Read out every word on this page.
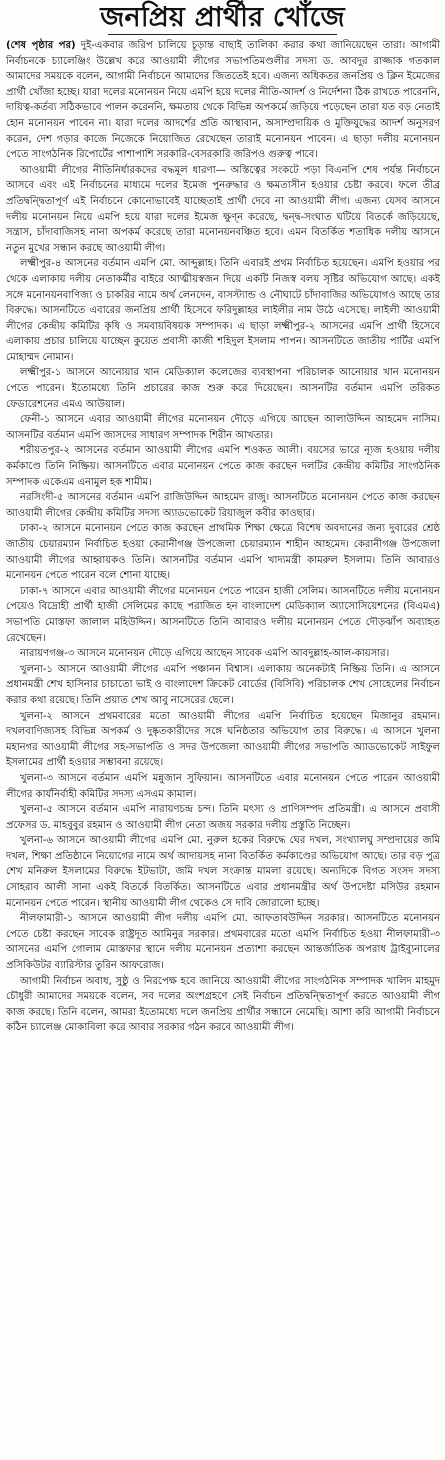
জনপ্রিয় প্রার্থীর খোঁজে

(শেষ পৃষ্ঠার পর) দুই-একবার জরিপ চালিয়ে চূড়ান্ত বাছাই তালিকা করার কথা জানিয়েছেন তারা। আগামী নির্বাচনকে চ্যালেঞ্জিং উল্লেখ করে আওয়ামী লীগের সভাপতিমণ্ডলীর সদস্য ড. আবদুর রাজ্জাক গতকাল আমাদের সময়কে বলেন, আগামী নির্বাচনে আমাদের জিততেই হবে। এজন্য অধিকতর জনপ্রিয় ও ক্লিন ইমেজের প্রার্থী খোঁজা হচ্ছে। যারা দলের মনোনয়ন নিয়ে এমপি হয়ে দলের নীতি-আদর্শ ও নির্দেশনা ঠিক রাখতে পারেননি, দায়িত্ব-কর্তব্য সঠিকভাবে পালন করেননি, ক্ষমতায় থেকে বিভিন্ন অপকর্মে জড়িয়ে পড়েছেন তারা যত বড় নেতাই হোন মনোনয়ন পাবেন না। যারা দলের আদর্শের প্রতি আস্থাবান, অসাম্প্রদায়িক ও মুক্তিযুদ্ধের আদর্শ অনুসরণ করেন, দেশ গড়ার কাজে নিজেকে নিয়োজিত রেখেছেন তারাই মনোনয়ন পাবেন। এ ছাড়া দলীয় মনোনয়ন পেতে সাংগঠনিক রিপোর্টের পাশাপাশি সরকারি-বেসরকারি জরিপও গুরুত্ব পাবে।

আওয়ামী লীগের নীতিনির্ধারকদের বদ্ধমূল ধারণা— অস্তিত্বের সংকটে পড়া বিএনপি শেষ পর্যন্ত নির্বাচনে আসবে এবং এই নির্বাচনের মাধ্যমে দলের ইমেজ পুনরুদ্ধার ও ক্ষমতাসীন হওয়ার চেষ্টা করবে। ফলে তীব্র প্রতিদ্বন্দ্বিতাপূর্ণ এই নির্বাচনে কোনোভাবেই যাচ্ছেতাই প্রার্থী দেবে না আওয়ামী লীগ। এজন্য যেসব আসনে দলীয় মনোনয়ন নিয়ে এমপি হয়ে যারা দলের ইমেজ ক্ষুণ্ন করেছে, দ্বন্দ্ব-সংঘাত ঘটিয়ে বিতর্কে জড়িয়েছে, সন্ত্রাস, চাঁদাবাজিসহ নানা অপকর্ম করেছে তারা মনোনয়নবঞ্চিত হবে। এমন বিতর্কিত শতাধিক দলীয় আসনে নতুন মুখের সন্ধান করছে আওয়ামী লীগ।

লক্ষ্মীপুর-৪ আসনের বর্তমান এমপি মো. আব্দুল্লাহ। তিনি এবারই প্রথম নির্বাচিত হয়েছেন। এমপি হওয়ার পর থেকে এলাকায় দলীয় নেতাকর্মীর বাইরে আত্মীয়স্বজন দিয়ে একটি নিজস্ব বলয় সৃষ্টির অভিযোগ আছে। একই সঙ্গে মনোনয়নবাণিজ্য ও চাকরির নামে অর্থ লেনদেন, বাসস্ট্যান্ড ও নৌঘাটে চাঁদাবাজির অভিযোগও আছে তার বিরুদ্ধে। আসনটিতে এবারের জনপ্রিয় প্রার্থী হিসেবে ফরিদুল্লাহর লাইলীর নাম উঠে এসেছে। লাইলী আওয়ামী লীগের কেন্দ্রীয় কমিটির কৃষি ও সমবায়বিষয়ক সম্পাদক। এ ছাড়া লক্ষ্মীপুর-২ আসনের এমপি প্রার্থী হিসেবে এলাকায় প্রচার চালিয়ে যাচ্ছেন কুয়েত প্রবাসী কাজী শহিদুল ইসলাম পাপন। আসনটিতে জাতীয় পার্টির এমপি মোহাম্মদ নোমান।

লক্ষ্মীপুর-১ আসনে আনোয়ার খান মেডিক্যাল কলেজের ব্যবস্থাপনা পরিচালক আনোয়ার খান মনোনয়ন পেতে পারেন। ইতোমধ্যে তিনি প্রচারের কাজ শুরু করে দিয়েছেন। আসনটির বর্তমান এমপি তরিকত ফেডারেশনের এমএ আউয়াল।

ফেনী-১ আসনে এবার আওয়ামী লীগের মনোনয়ন দৌড়ে এগিয়ে আছেন আলাউদ্দিন আহমেদ নাসিম। আসনটির বর্তমান এমপি জাসদের সাধারণ সম্পাদক শিরীন আখতার।

শরীয়তপুর-২ আসনের বর্তমান আওয়ামী লীগের এমপি শওকত আলী। বয়সের ভারে ন্যূজ হওয়ায় দলীয় কর্মকাণ্ডে তিনি নিষ্ক্রিয়। আসনটিতে এবার মনোনয়ন পেতে কাজ করছেন দলটির কেন্দ্রীয় কমিটির সাংগঠনিক সম্পাদক একেএম এনামুল হক শামীম।

নরসিংদী-৫ আসনের বর্তমান এমপি রাজিউদ্দিন আহমেদ রাজু। আসনটিতে মনোনয়ন পেতে কাজ করছেন আওয়ামী লীগের কেন্দ্রীয় কমিটির সদস্য অ্যাডভোকেট রিয়াজুল কবীর কাওছার।

ঢাকা-২ আসনে মনোনয়ন পেতে কাজ করছেন প্রাথমিক শিক্ষা ক্ষেত্রে বিশেষ অবদানের জন্য দুবারের শ্রেষ্ঠ জাতীয় চেয়ারম্যান নির্বাচিত হওয়া কেরানীগঞ্জ উপজেলা চেয়ারম্যান শাহীন আহমেদ। কেরানীগঞ্জ উপজেলা আওয়ামী লীগের আহ্বায়কও তিনি। আসনটির বর্তমান এমপি খাদ্যমন্ত্রী কামরুল ইসলাম। তিনি আবারও মনোনয়ন পেতে পারেন বলে শোনা যাচ্ছে।

ঢাকা-৭ আসনে এবার আওয়ামী লীগের মনোনয়ন পেতে পারেন হাজী সেলিম। আসনটিতে দলীয় মনোনয়ন পেয়েও বিদ্রোহী প্রার্থী হাজী সেলিমের কাছে পরাজিত হন বাংলাদেশ মেডিক্যাল অ্যাসোসিয়েশনের (বিএমএ) সভাপতি মোস্তফা জালাল মহিউদ্দিন। আসনটিতে তিনি আবারও দলীয় মনোনয়ন পেতে দৌড়ঝাঁপ অব্যাহত রেখেছেন।

নারায়ণগঞ্জ-৩ আসনে মনোনয়ন দৌড়ে এগিয়ে আছেন সাবেক এমপি আবদুল্লাহ-আল-কায়সার।

খুলনা-১ আসনে আওয়ামী লীগের এমপি পঞ্চানন বিশ্বাস। এলাকায় অনেকটাই নিষ্ক্রিয় তিনি। এ আসনে প্রধানমন্ত্রী শেখ হাসিনার চাচাতো ভাই ও বাংলাদেশ ক্রিকেট বোর্ডের (বিসিবি) পরিচালক শেখ সোহেলের নির্বাচন করার কথা রয়েছে। তিনি প্রয়াত শেখ আবু নাসেরের ছেলে।

খুলনা-২ আসনে প্রথমবারের মতো আওয়ামী লীগের এমপি নির্বাচিত হয়েছেন মিজানুর রহমান। দখলবাণিজ্যসহ বিভিন্ন অপকর্ম ও দুষ্কৃতকারীদের সঙ্গে ঘনিষ্ঠতার অভিযোগ তার বিরুদ্ধে। এ আসনে খুলনা মহানগর আওয়ামী লীগের সহ-সভাপতি ও সদর উপজেলা আওয়ামী লীগের সভাপতি অ্যাডভোকেট সাইফুল ইসলামের প্রার্থী হওয়ার সম্ভাবনা রয়েছে।

খুলনা-৩ আসনে বর্তমান এমপি মন্নুজান সুফিয়ান। আসনটিতে এবার মনোনয়ন পেতে পারেন আওয়ামী লীগের কার্যনির্বাহী কমিটির সদস্য এসএম কামাল।

খুলনা-৫ আসনে বর্তমান এমপি নারায়ণচন্দ্র চন্দ। তিনি মৎস্য ও প্রাণিসম্পদ প্রতিমন্ত্রী। এ আসনে প্রবাসী প্রফেসর ড. মাহবুবুর রহমান ও আওয়ামী লীগ নেতা অজয় সরকার দলীয় প্রস্তুতি নিচ্ছেন।

খুলনা-৬ আসনে আওয়ামী লীগের এমপি মো. নুরুল হকের বিরুদ্ধে ঘের দখল, সংখ্যালঘু সম্প্রদায়ের জমি দখল, শিক্ষা প্রতিষ্ঠানে নিয়োগের নামে অর্থ আদায়সহ নানা বিতর্কিত কর্মকাণ্ডের অভিযোগ আছে। তার বড় পুত্র শেখ মনিরুল ইসলামের বিরুদ্ধে ইটভাটা, জমি দখল সংক্রান্ত মামলা রয়েছে। অন্যদিকে বিগত সংসদ সদস্য সোহরাব আলী সানা একই বিতর্কে বিতর্কিত। আসনটিতে এবার প্রধানমন্ত্রীর অর্থ উপদেষ্টা মসিউর রহমান মনোনয়ন পেতে পারেন। স্থানীয় আওয়ামী লীগ থেকেও সে দাবি জোরালো হচ্ছে।

নীলফামারী-১ আসনে আওয়ামী লীগ দলীয় এমপি মো. আফতাবউদ্দিন সরকার। আসনটিতে মনোনয়ন পেতে চেষ্টা করছেন সাবেক রাষ্ট্রদূত আমিনুর সরকার। প্রথমবারের মতো এমপি নির্বাচিত হওয়া নীলফামারী-৩ আসনের এমপি গোলাম মোস্তফার স্থানে দলীয় মনোনয়ন প্রত্যাশা করছেন আন্তর্জাতিক অপরাধ ট্রাইব্যুনালের প্রসিকিউটর ব্যারিস্টার তুরিন আফরোজ।

আগামী নির্বাচন অবাধ, সুষ্ঠু ও নিরপেক্ষ হবে জানিয়ে আওয়ামী লীগের সাংগঠনিক সম্পাদক খালিদ মাহমুদ চৌধুরী আমাদের সময়কে বলেন, সব দলের অংশগ্রহণে সেই নির্বাচন প্রতিদ্বন্দ্বিতাপূর্ণ করতে আওয়ামী লীগ কাজ করছে। তিনি বলেন, আমরা ইতোমধ্যে দলে জনপ্রিয় প্রার্থীর সন্ধানে নেমেছি। আশা করি আগামী নির্বাচনে কঠিন চ্যালেঞ্জ মোকাবিলা করে আবার সরকার গঠন করবে আওয়ামী লীগ।
